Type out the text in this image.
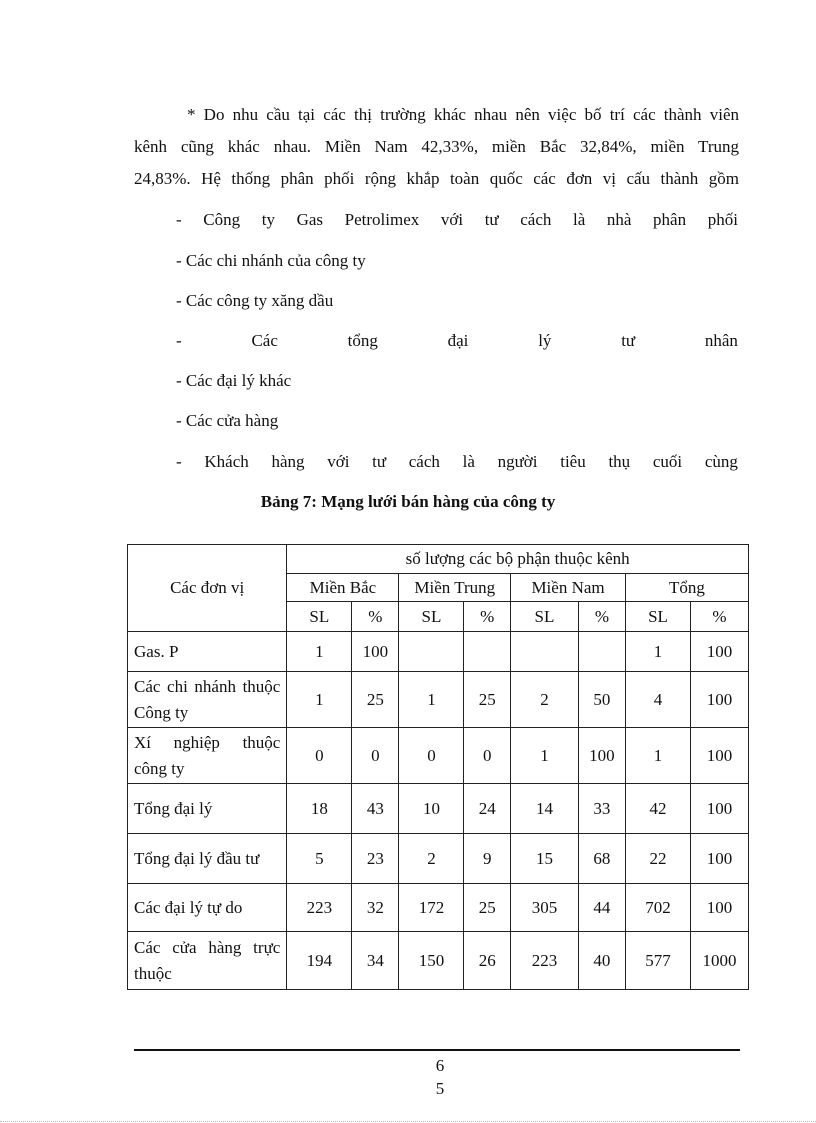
* Do nhu cầu tại các thị trường khác nhau nên việc bố trí các thành viên
kênh cũng khác nhau. Miền Nam 42,33%, miền Bắc 32,84%, miền Trung
24,83%. Hệ thống phân phối rộng khắp toàn quốc các đơn vị cấu thành gồm
- Công ty Gas Petrolimex với tư cách là nhà phân phối
- Các chi nhánh của công ty
- Các công ty xăng dầu
-	Các	tổng	đại	lý	tư	nhân
- Các đại lý khác
- Các cửa hàng
- Khách hàng với tư cách là người tiêu thụ cuối cùng
Bảng 7: Mạng lưới bán hàng của công ty
Các đơn vị	số lượng các bộ phận thuộc kênh							
	Miền Bắc		Miền Trung		Miền Nam		Tổng	
	SL	%	SL	%	SL	%	SL	%
Gas. P	1	100					1	100
Các chi nhánh thuộc Công ty	1	25	1	25	2	50	4	100
Xí nghiệp thuộc công ty	0	0	0	0	1	100	1	100
Tổng đại lý	18	43	10	24	14	33	42	100
Tổng đại lý đầu tư	5	23	2	9	15	68	22	100
Các đại lý tự do	223	32	172	25	305	44	702	100
Các cửa hàng trực thuộc	194	34	150	26	223	40	577	1000
6
5
